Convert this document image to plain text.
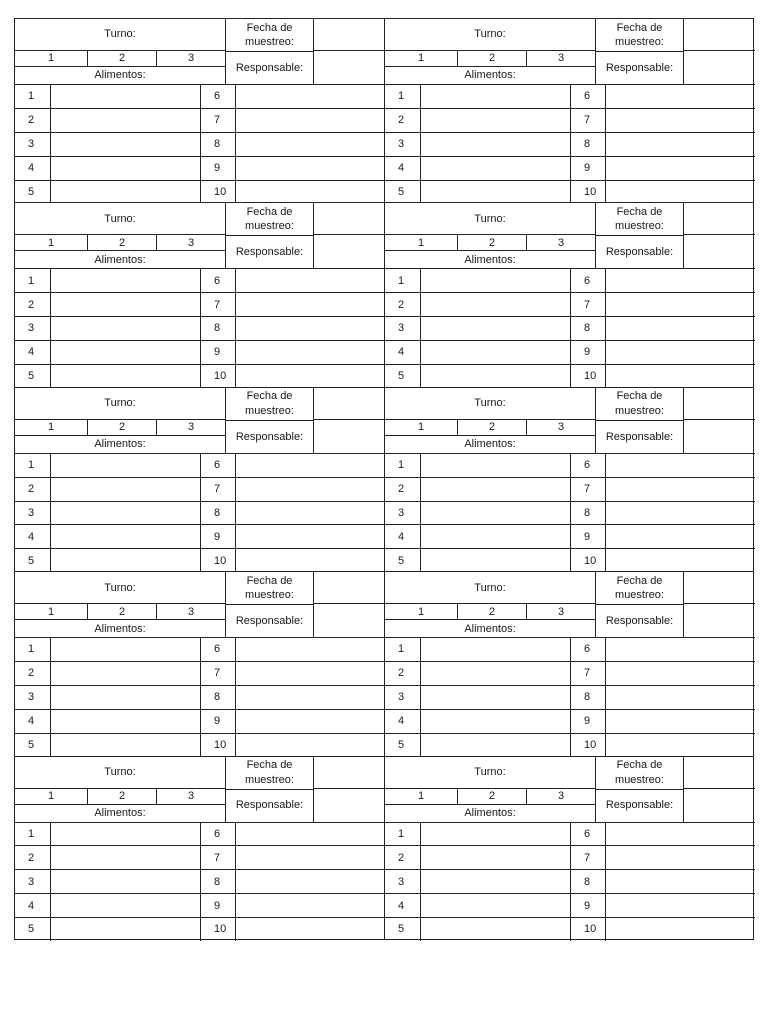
Turno:
Fecha de muestreo:
1	2	3
Alimentos:
Responsable:
1	6
2	7
3	8
4	9
5	10
Turno:
Fecha de muestreo:
1	2	3
Alimentos:
Responsable:
1	6
2	7
3	8
4	9
5	10
Turno:
Fecha de muestreo:
1	2	3
Alimentos:
Responsable:
1	6
2	7
3	8
4	9
5	10
Turno:
Fecha de muestreo:
1	2	3
Alimentos:
Responsable:
1	6
2	7
3	8
4	9
5	10
Turno:
Fecha de muestreo:
1	2	3
Alimentos:
Responsable:
1	6
2	7
3	8
4	9
5	10
Turno:
Fecha de muestreo:
1	2	3
Alimentos:
Responsable:
1	6
2	7
3	8
4	9
5	10
Turno:
Fecha de muestreo:
1	2	3
Alimentos:
Responsable:
1	6
2	7
3	8
4	9
5	10
Turno:
Fecha de muestreo:
1	2	3
Alimentos:
Responsable:
1	6
2	7
3	8
4	9
5	10
Turno:
Fecha de muestreo:
1	2	3
Alimentos:
Responsable:
1	6
2	7
3	8
4	9
5	10
Turno:
Fecha de muestreo:
1	2	3
Alimentos:
Responsable:
1	6
2	7
3	8
4	9
5	10
